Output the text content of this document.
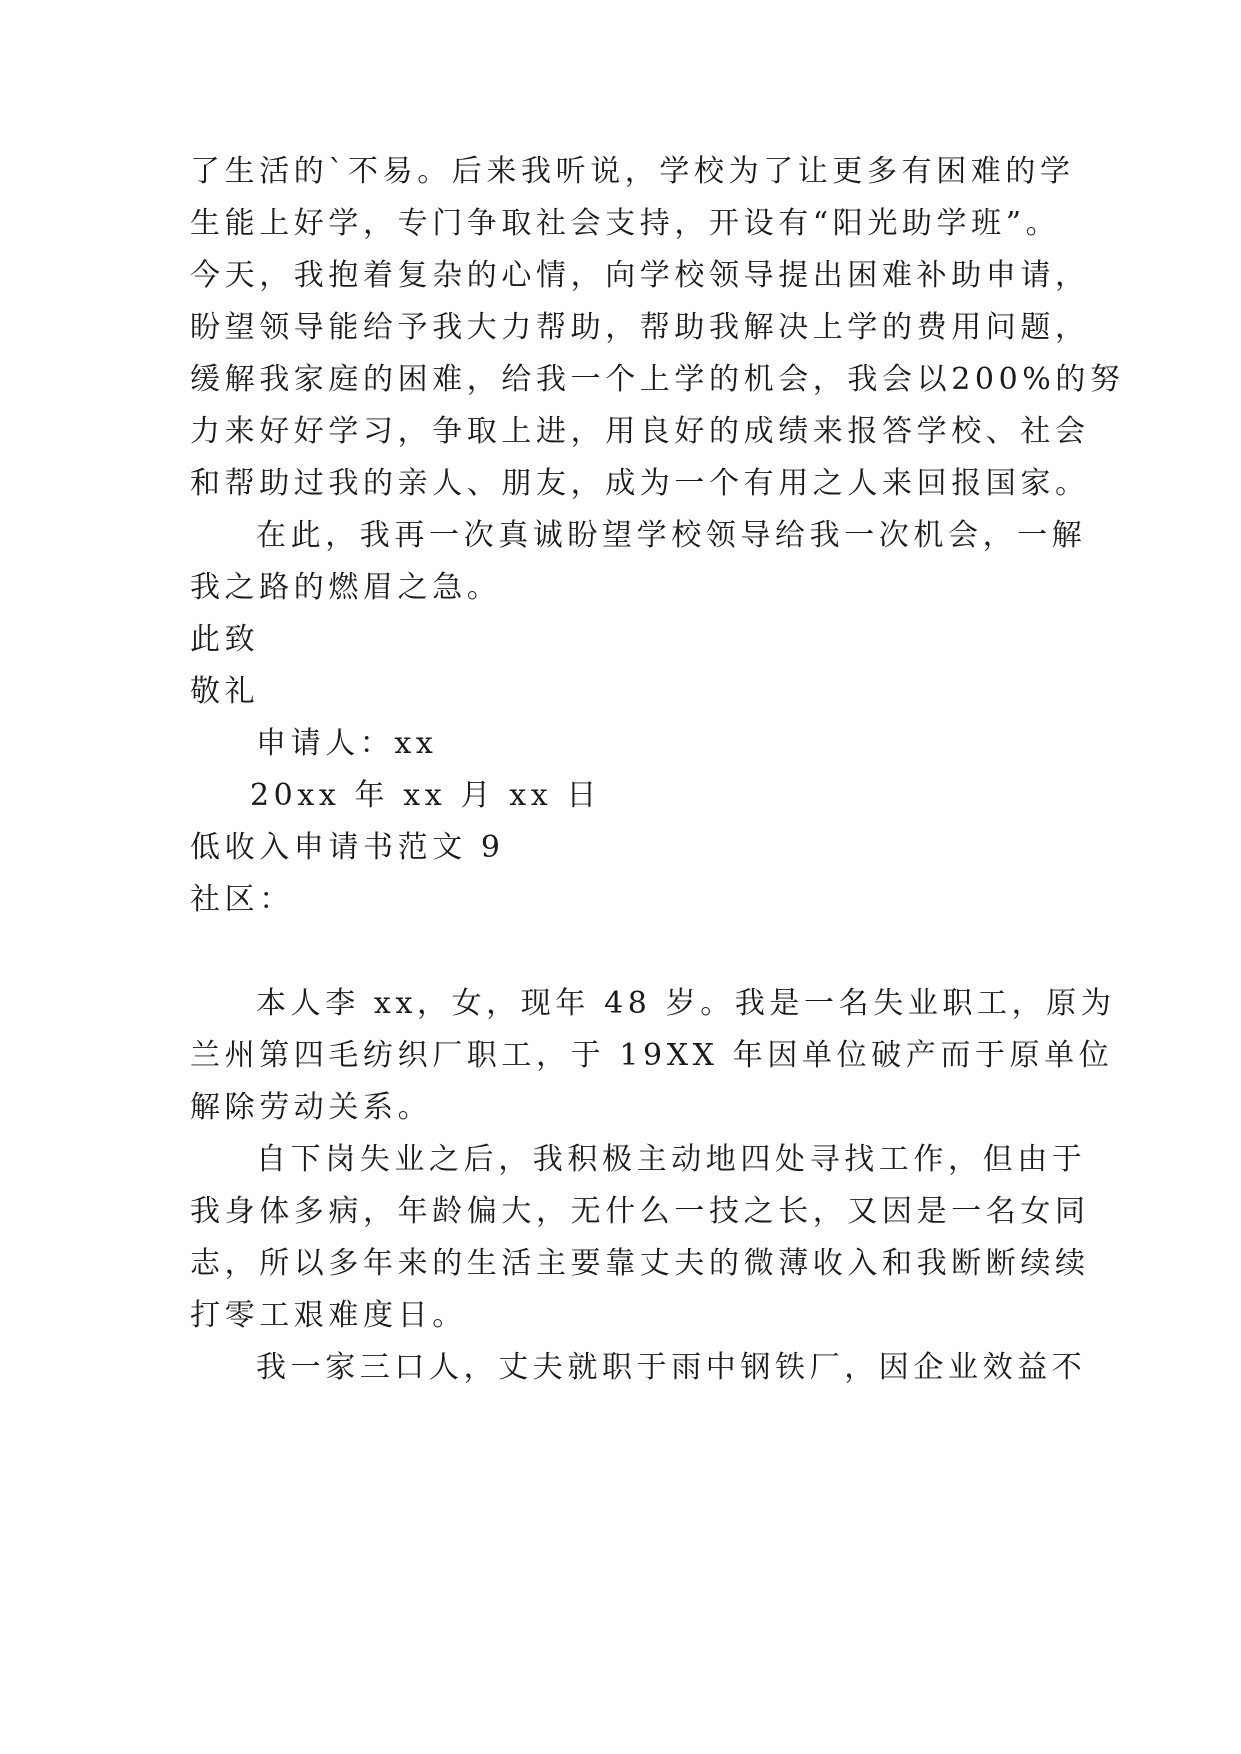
了生活的`不易。后来我听说，学校为了让更多有困难的学
生能上好学，专门争取社会支持，开设有“阳光助学班”。
今天，我抱着复杂的心情，向学校领导提出困难补助申请，
盼望领导能给予我大力帮助，帮助我解决上学的费用问题，
缓解我家庭的困难，给我一个上学的机会，我会以200%的努
力来好好学习，争取上进，用良好的成绩来报答学校、社会
和帮助过我的亲人、朋友，成为一个有用之人来回报国家。
在此，我再一次真诚盼望学校领导给我一次机会，一解
我之路的燃眉之急。
此致
敬礼
申请人：xx
20xx 年 xx 月 xx 日
低收入申请书范文 9
社区：
本人李 xx，女，现年 48 岁。我是一名失业职工，原为
兰州第四毛纺织厂职工，于 19XX 年因单位破产而于原单位
解除劳动关系。
自下岗失业之后，我积极主动地四处寻找工作，但由于
我身体多病，年龄偏大，无什么一技之长，又因是一名女同
志，所以多年来的生活主要靠丈夫的微薄收入和我断断续续
打零工艰难度日。
我一家三口人，丈夫就职于雨中钢铁厂，因企业效益不
